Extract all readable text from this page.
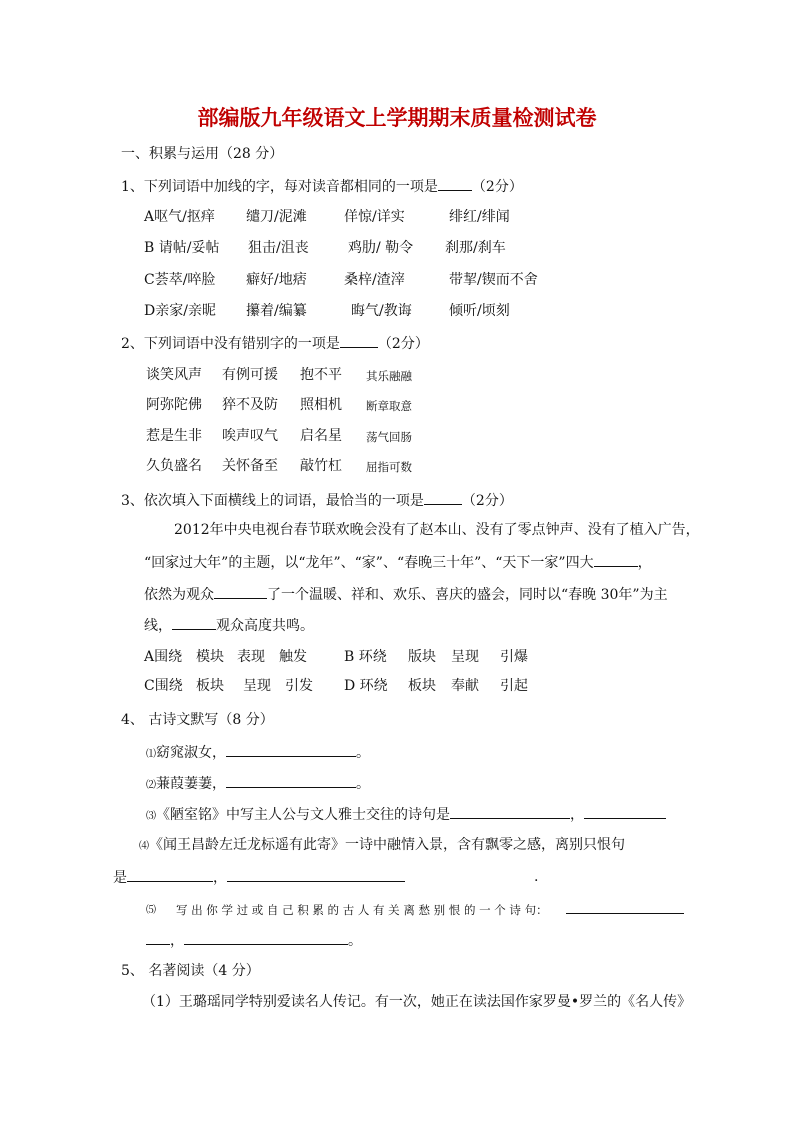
部编版九年级语文上学期期末质量检测试卷
一、积累与运用（28 分）
1、下列词语中加线的字，每对读音都相同的一项是 （2分）
A呕气/抠痒 缱刀/泥滩	佯惊/详实	绯红/绯闻
B 请帖/妥帖 狙击/沮丧	鸡肋/ 勒令 刹那/刹车
C荟萃/啐脸 癖好/地痞	桑梓/渣滓	带挈/锲而不舍
D亲家/亲昵 攥着/编纂	晦气/教诲	倾听/顷刻
2、下列词语中没有错别字的一项是	（2分）
谈笑风声 有例可援 抱不平 其乐融融
阿弥陀佛 猝不及防 照相机 断章取意
惹是生非 唉声叹气 启名星 荡气回肠
久负盛名 关怀备至 敲竹杠 屈指可数
3、依次填入下面横线上的词语，最恰当的一项是	（2分）
2012年中央电视台春节联欢晚会没有了赵本山、没有了零点钟声、没有了植入广告，
“回家过大年”的主题，以“龙年”、“家”、“春晚三十年”、“天下一家”四大	，
依然为观众	了一个温暖、祥和、欢乐、喜庆的盛会，同时以“春晚 30年”为主
线，	观众高度共鸣。
A围绕 模块 表现 触发	B 环绕 版块 呈现 引爆
C围绕 板块 呈现 引发 D 环绕 板块 奉献 引起
4、 古诗文默写（8 分）
⑴窈窕淑女，	。
⑵蒹葭萋萋，	。
⑶《陋室铭》中写主人公与文人雅士交往的诗句是	，
⑷《闻王昌龄左迁龙标遥有此寄》一诗中融情入景，含有飘零之感，离别只恨句
是	，	.
⑸ 写 出 你 学 过 或 自 己 积 累 的 古 人 有 关 离 愁 别 恨 的 一 个 诗 句：
，	。
5、 名著阅读（4 分）
（1）王璐瑶同学特别爱读名人传记。有一次，她正在读法国作家罗曼•罗兰的《名人传》
